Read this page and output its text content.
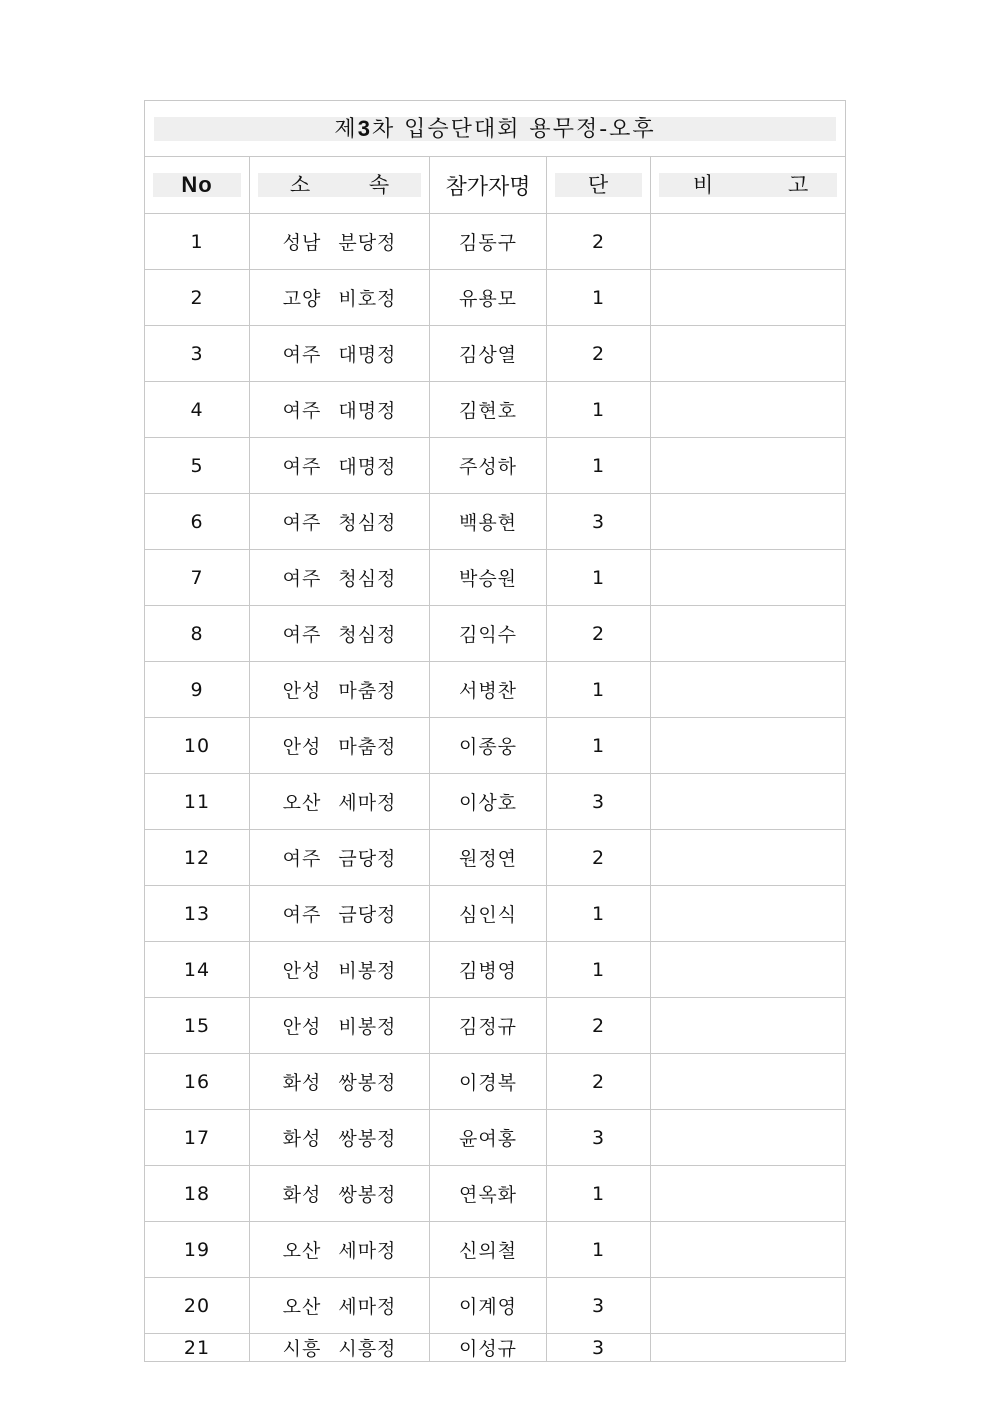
제3차 입승단대회 용무정-오후				

No	소 속	참가자명	단	비 고

1	성남 분당정	김동구	2	
2	고양 비호정	유용모	1	
3	여주 대명정	김상열	2	
4	여주 대명정	김현호	1	
5	여주 대명정	주성하	1	
6	여주 청심정	백용현	3	
7	여주 청심정	박승원	1	
8	여주 청심정	김익수	2	
9	안성 마춤정	서병찬	1	
10	안성 마춤정	이종웅	1	
11	오산 세마정	이상호	3	
12	여주 금당정	원정연	2	
13	여주 금당정	심인식	1	
14	안성 비봉정	김병영	1	
15	안성 비봉정	김정규	2	
16	화성 쌍봉정	이경복	2	
17	화성 쌍봉정	윤여홍	3	
18	화성 쌍봉정	연옥화	1	
19	오산 세마정	신의철	1	
20	오산 세마정	이계영	3	
21	시흥 시흥정	이성규	3	
